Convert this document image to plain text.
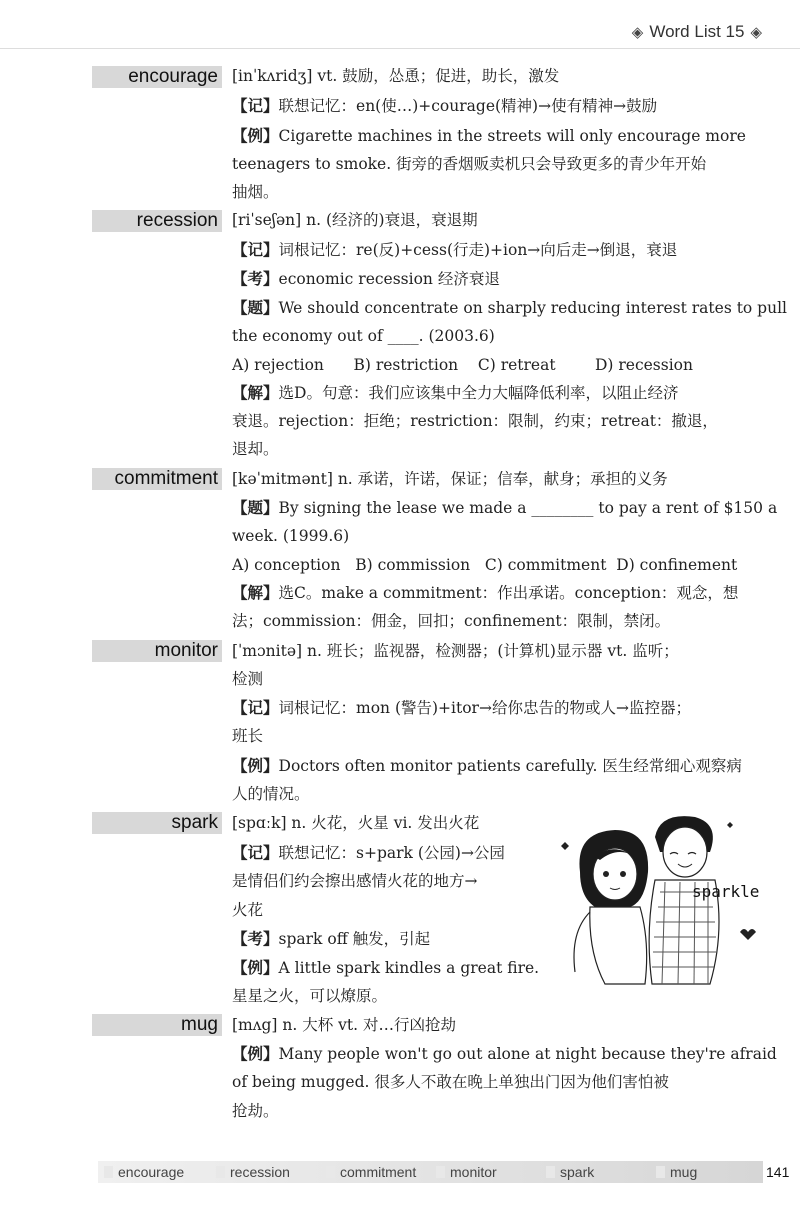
◈ Word List 15 ◈
encourage [inˈkʌridʒ] vt. 鼓励，怂恿；促进，助长，激发
【记】联想记忆：en(使…)+courage(精神)→使有精神→鼓励
【例】Cigarette machines in the streets will only encourage more
teenagers to smoke. 街旁的香烟贩卖机只会导致更多的青少年开始
抽烟。
recession [riˈseʃən] n. (经济的)衰退，衰退期
【记】词根记忆：re(反)+cess(行走)+ion→向后走→倒退，衰退
【考】economic recession 经济衰退
【题】We should concentrate on sharply reducing interest rates to pull
the economy out of ____. (2003.6)
A) rejection      B) restriction    C) retreat        D) recession
【解】选D。句意：我们应该集中全力大幅降低利率，以阻止经济
衰退。rejection：拒绝；restriction：限制，约束；retreat：撤退，
退却。
commitment [kəˈmitmənt] n. 承诺，许诺，保证；信奉，献身；承担的义务
【题】By signing the lease we made a ________ to pay a rent of $150 a
week. (1999.6)
A) conception   B) commission   C) commitment  D) confinement
【解】选C。make a commitment：作出承诺。conception：观念，想
法；commission：佣金，回扣；confinement：限制，禁闭。
monitor [ˈmɔnitə] n. 班长；监视器，检测器；(计算机)显示器 vt. 监听；
检测
【记】词根记忆：mon (警告)+itor→给你忠告的物或人→监控器；
班长
【例】Doctors often monitor patients carefully. 医生经常细心观察病
人的情况。
spark [spɑːk] n. 火花，火星 vi. 发出火花
【记】联想记忆：s+park (公园)→公园
是情侣们约会擦出感情火花的地方→
火花
【考】spark off 触发，引起
【例】A little spark kindles a great fire.
星星之火，可以燎原。
sparkle
mug [mʌg] n. 大杯 vt. 对…行凶抢劫
【例】Many people won't go out alone at night because they're afraid
of being mugged. 很多人不敢在晚上单独出门因为他们害怕被
抢劫。
encourage	recession	commitment	monitor	spark	mug	141
